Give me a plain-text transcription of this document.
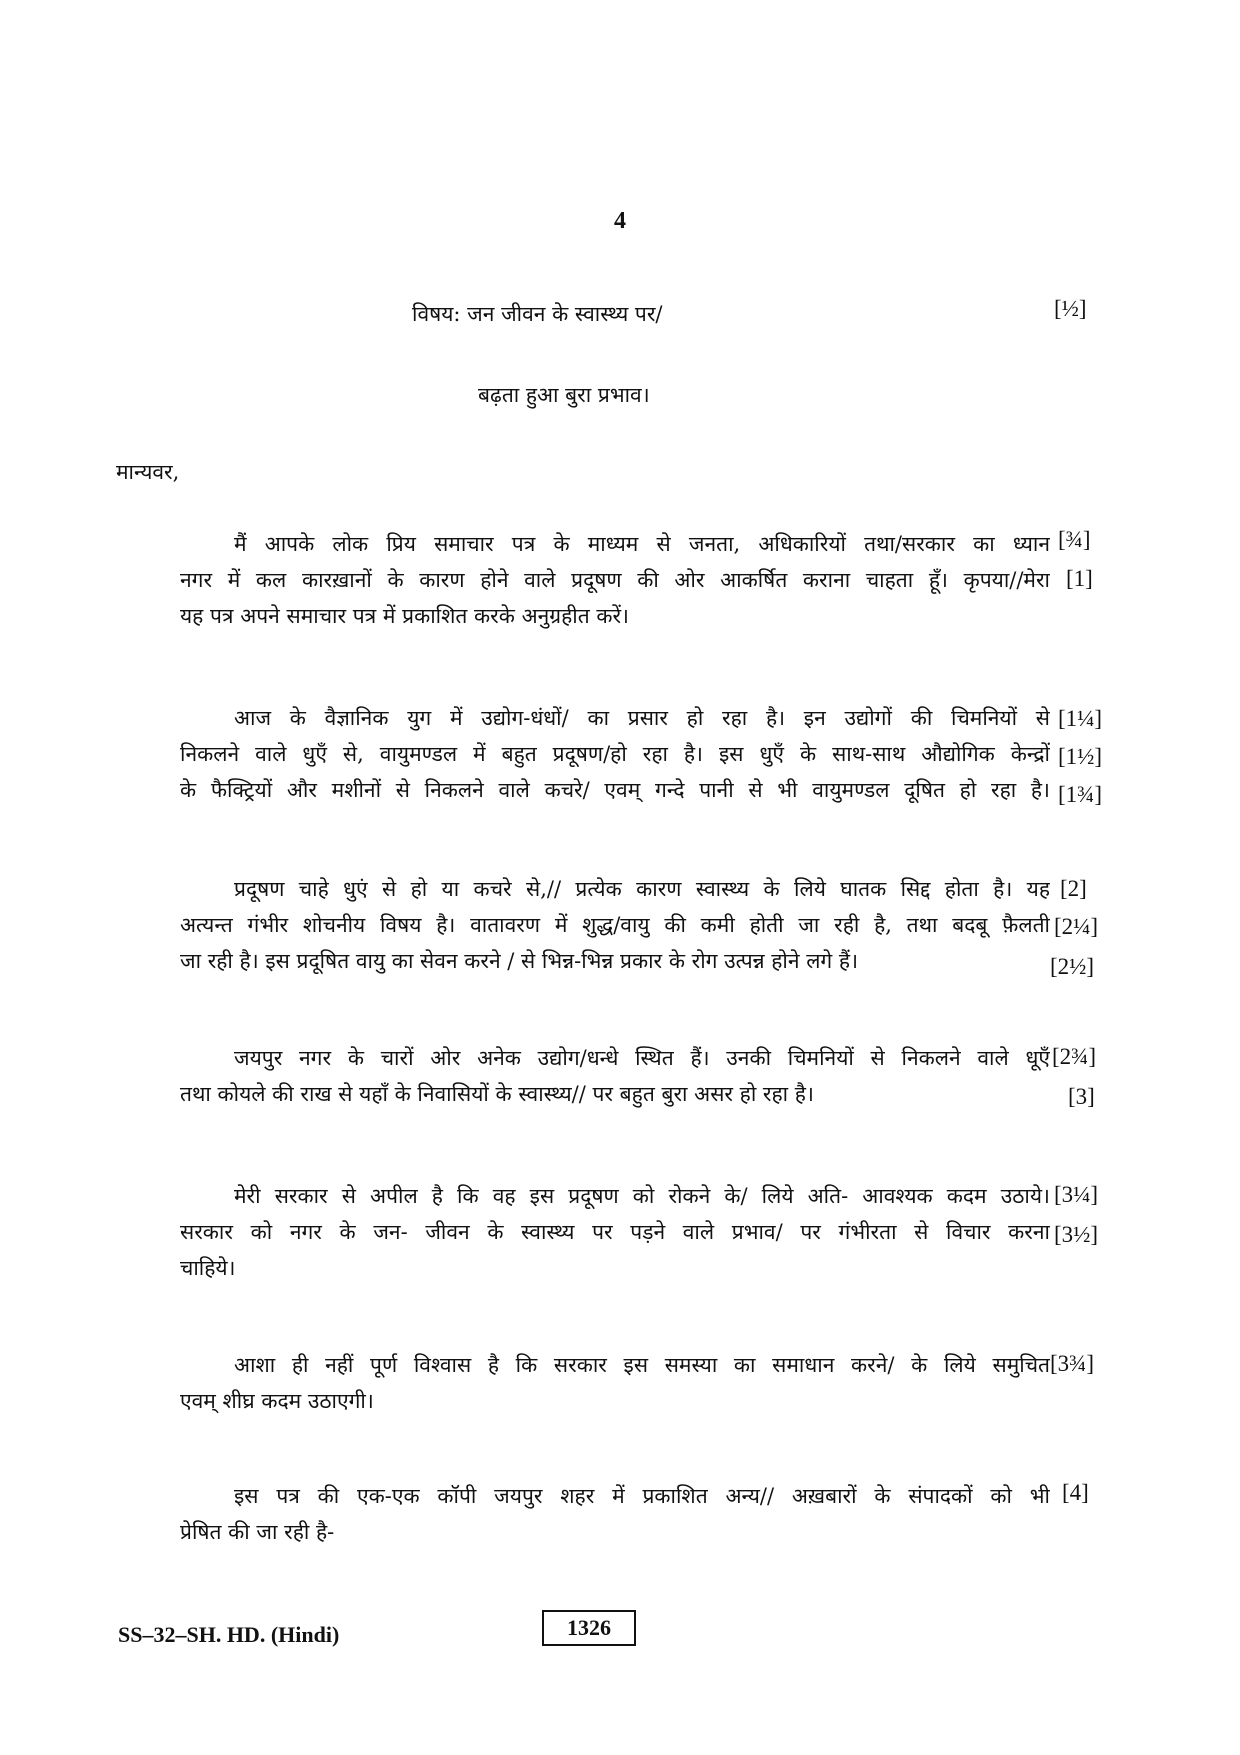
4
विषय: जन जीवन के स्वास्थ्य पर/	[½]
बढ़ता हुआ बुरा प्रभाव।
मान्यवर,
मैं आपके लोक प्रिय समाचार पत्र के माध्यम से जनता, अधिकारियों तथा/सरकार का ध्यान
नगर में कल कारख़ानों के कारण होने वाले प्रदूषण की ओर आकर्षित कराना चाहता हूँ। कृपया//मेरा
यह पत्र अपने समाचार पत्र में प्रकाशित करके अनुग्रहीत करें।
[¾]
[1]
आज के वैज्ञानिक युग में उद्योग-धंधों/ का प्रसार हो रहा है। इन उद्योगों की चिमनियों से
निकलने वाले धुएँ से, वायुमण्डल में बहुत प्रदूषण/हो रहा है। इस धुएँ के साथ-साथ औद्योगिक केन्द्रों
के फैक्ट्रियों और मशीनों से निकलने वाले कचरे/ एवम् गन्दे पानी से भी वायुमण्डल दूषित हो रहा है।
[1¼]
[1½]
[1¾]
प्रदूषण चाहे धुएं से हो या कचरे से,// प्रत्येक कारण स्वास्थ्य के लिये घातक सिद्द होता है। यह
अत्यन्त गंभीर शोचनीय विषय है। वातावरण में शुद्ध/वायु की कमी होती जा रही है, तथा बदबू फ़ैलती
जा रही है। इस प्रदूषित वायु का सेवन करने / से भिन्न-भिन्न प्रकार के रोग उत्पन्न होने लगे हैं।
[2]
[2¼]
[2½]
जयपुर नगर के चारों ओर अनेक उद्योग/धन्धे स्थित हैं। उनकी चिमनियों से निकलने वाले धूएँ
तथा कोयले की राख से यहाँ के निवासियों के स्वास्थ्य// पर बहुत बुरा असर हो रहा है।
[2¾]
[3]
मेरी सरकार से अपील है कि वह इस प्रदूषण को रोकने के/ लिये अति- आवश्यक कदम उठाये।
सरकार को नगर के जन- जीवन के स्वास्थ्य पर पड़ने वाले प्रभाव/ पर गंभीरता से विचार करना
चाहिये।
[3¼]
[3½]
आशा ही नहीं पूर्ण विश्वास है कि सरकार इस समस्या का समाधान करने/ के लिये समुचित
एवम् शीघ्र कदम उठाएगी।
[3¾]
इस पत्र की एक-एक कॉपी जयपुर शहर में प्रकाशित अन्य// अख़बारों के संपादकों को भी
प्रेषित की जा रही है-
[4]
SS–32–SH. HD. (Hindi)	1326
